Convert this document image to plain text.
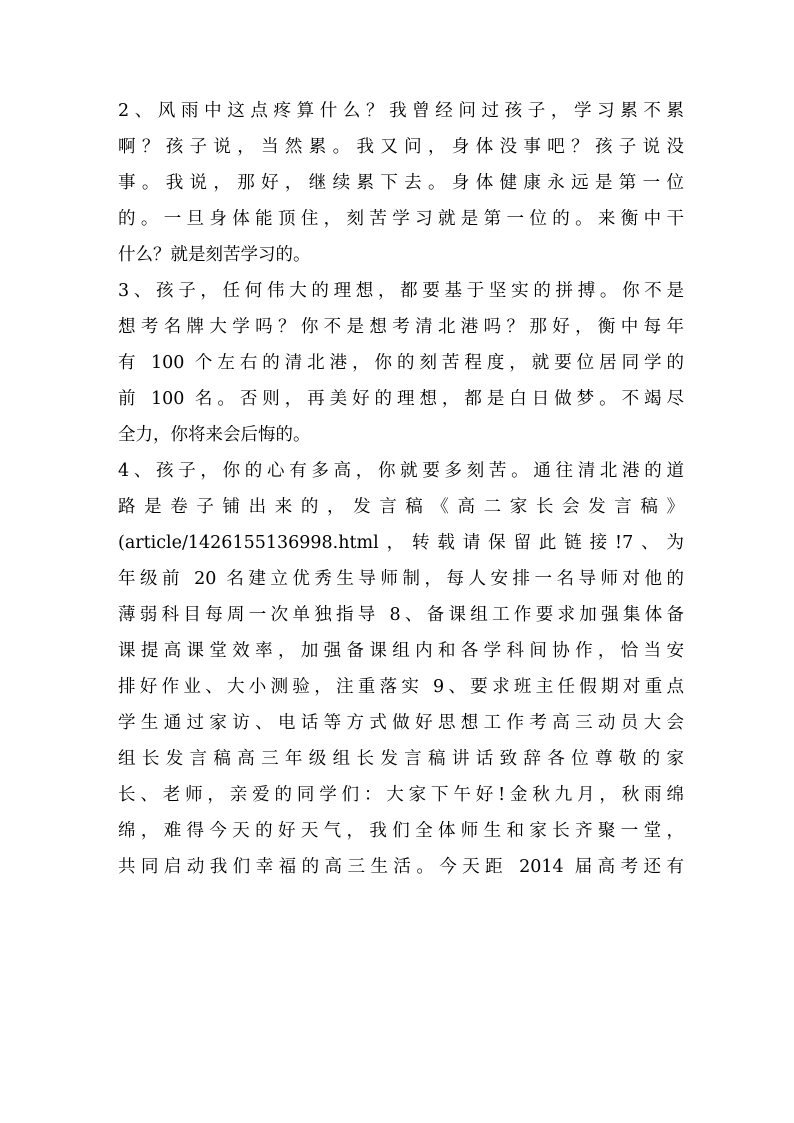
2、风雨中这点疼算什么？我曾经问过孩子，学习累不累
啊？孩子说，当然累。我又问，身体没事吧？孩子说没
事。我说，那好，继续累下去。身体健康永远是第一位
的。一旦身体能顶住，刻苦学习就是第一位的。来衡中干
什么？就是刻苦学习的。
3、孩子，任何伟大的理想，都要基于坚实的拼搏。你不是
想考名牌大学吗？你不是想考清北港吗？那好，衡中每年
有 100 个左右的清北港，你的刻苦程度，就要位居同学的
前 100 名。否则，再美好的理想，都是白日做梦。不竭尽
全力，你将来会后悔的。
4、孩子，你的心有多高，你就要多刻苦。通往清北港的道
路是卷子铺出来的，发言稿《高二家长会发言稿》
(article/1426155136998.html，转载请保留此链接!7、为
年级前 20 名建立优秀生导师制，每人安排一名导师对他的
薄弱科目每周一次单独指导 8、备课组工作要求加强集体备
课提高课堂效率，加强备课组内和各学科间协作，恰当安
排好作业、大小测验，注重落实 9、要求班主任假期对重点
学生通过家访、电话等方式做好思想工作考高三动员大会
组长发言稿高三年级组长发言稿讲话致辞各位尊敬的家
长、老师，亲爱的同学们：大家下午好!金秋九月，秋雨绵
绵，难得今天的好天气，我们全体师生和家长齐聚一堂，
共同启动我们幸福的高三生活。今天距 2014 届高考还有
